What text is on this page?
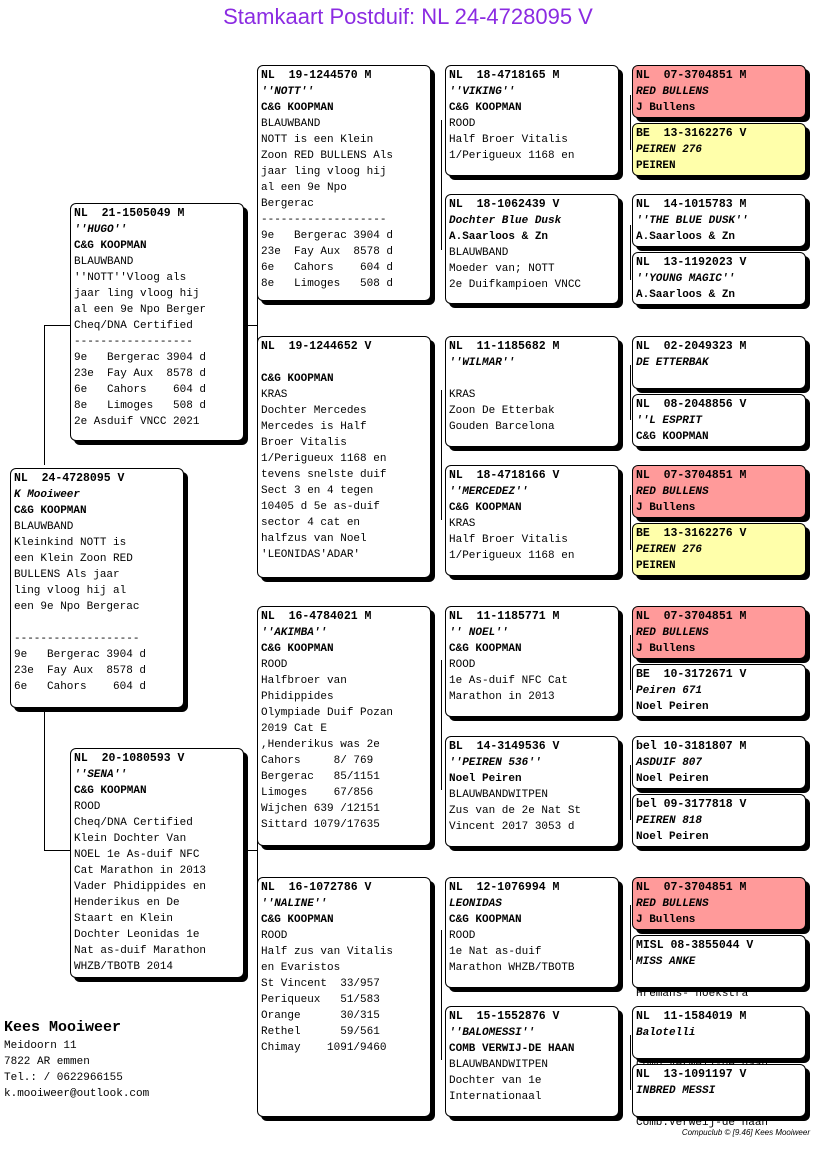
Stamkaart Postduif: NL 24-4728095 V
NL  24-4728095 V
K Mooiweer
C&G KOOPMAN
BLAUWBAND
Kleinkind NOTT is
een Klein Zoon RED
BULLENS Als jaar
ling vloog hij al
een 9e Npo Bergerac
-------------------
9e   Bergerac 3904 d
23e  Fay Aux  8578 d
6e   Cahors    604 d
NL  21-1505049 M
''HUGO''
C&G KOOPMAN
BLAUWBAND
''NOTT''Vloog als
jaar ling vloog hij
al een 9e Npo Berger
Cheq/DNA Certified
------------------
9e   Bergerac 3904 d
23e  Fay Aux  8578 d
6e   Cahors    604 d
8e   Limoges   508 d
2e Asduif VNCC 2021
NL  20-1080593 V
''SENA''
C&G KOOPMAN
ROOD
Cheq/DNA Certified
Klein Dochter Van
NOEL 1e As-duif NFC
Cat Marathon in 2013
Vader Phidippides en
Henderikus en De
Staart en Klein
Dochter Leonidas 1e
Nat as-duif Marathon
WHZB/TBOTB 2014
NL  19-1244570 M
''NOTT''
C&G KOOPMAN
BLAUWBAND
NOTT is een Klein
Zoon RED BULLENS Als
jaar ling vloog hij
al een 9e Npo
Bergerac
-------------------
9e   Bergerac 3904 d
23e  Fay Aux  8578 d
6e   Cahors    604 d
8e   Limoges   508 d
NL  19-1244652 V
C&G KOOPMAN
KRAS
Dochter Mercedes
Mercedes is Half
Broer Vitalis
1/Perigueux 1168 en
tevens snelste duif
Sect 3 en 4 tegen
10405 d 5e as-duif
sector 4 cat en
halfzus van Noel
'LEONIDAS'ADAR'
NL  16-4784021 M
''AKIMBA''
C&G KOOPMAN
ROOD
Halfbroer van
Phidippides
Olympiade Duif Pozan
2019 Cat E
,Henderikus was 2e
Cahors     8/ 769
Bergerac   85/1151
Limoges    67/856
Wijchen 639 /12151
Sittard 1079/17635
NL  16-1072786 V
''NALINE''
C&G KOOPMAN
ROOD
Half zus van Vitalis
en Evaristos
St Vincent  33/957
Periqueux   51/583
Orange      30/315
Rethel      59/561
Chimay    1091/9460
NL  18-4718165 M
''VIKING''
C&G KOOPMAN
ROOD
Half Broer Vitalis
1/Perigueux 1168 en
NL  18-1062439 V
Dochter Blue Dusk
A.Saarloos & Zn
BLAUWBAND
Moeder van; NOTT
2e Duifkampioen VNCC
NL  11-1185682 M
''WILMAR''
KRAS
Zoon De Etterbak
Gouden Barcelona
NL  18-4718166 V
''MERCEDEZ''
C&G KOOPMAN
KRAS
Half Broer Vitalis
1/Perigueux 1168 en
NL  11-1185771 M
'' NOEL''
C&G KOOPMAN
ROOD
1e As-duif NFC Cat
Marathon in 2013
BL  14-3149536 V
''PEIREN 536''
Noel Peiren
BLAUWBANDWITPEN
Zus van de 2e Nat St
Vincent 2017 3053 d
NL  12-1076994 M
LEONIDAS
C&G KOOPMAN
ROOD
1e Nat as-duif
Marathon WHZB/TBOTB
NL  15-1552876 V
''BALOMESSI''
COMB VERWIJ-DE HAAN
BLAUWBANDWITPEN
Dochter van 1e
Internationaal
NL  07-3704851 M
RED BULLENS
J Bullens
BE  13-3162276 V
PEIREN 276
PEIREN
NL  14-1015783 M
''THE BLUE DUSK''
A.Saarloos & Zn
NL  13-1192023 V
''YOUNG MAGIC''
A.Saarloos & Zn
NL  02-2049323 M
DE ETTERBAK
NL  08-2048856 V
''L ESPRIT
C&G KOOPMAN
NL  07-3704851 M
RED BULLENS
J Bullens
BE  13-3162276 V
PEIREN 276
PEIREN
NL  07-3704851 M
RED BULLENS
J Bullens
BE  10-3172671 V
Peiren 671
Noel Peiren
bel 10-3181807 M
ASDUIF 807
Noel Peiren
bel 09-3177818 V
PEIREN 818
Noel Peiren
NL  07-3704851 M
RED BULLENS
J Bullens
MISL 08-3855044 V
MISS ANKE
Hremans- hoekstra
NL  11-1584019 M
Balotelli
NL  13-1091197 V
INBRED MESSI
Comb.Verweij-de haan
Kees Mooiweer
Meidoorn 11
7822 AR emmen
Tel.: / 0622966155
k.mooiweer@outlook.com
Compuclub © [9.46] Kees Mooiweer
